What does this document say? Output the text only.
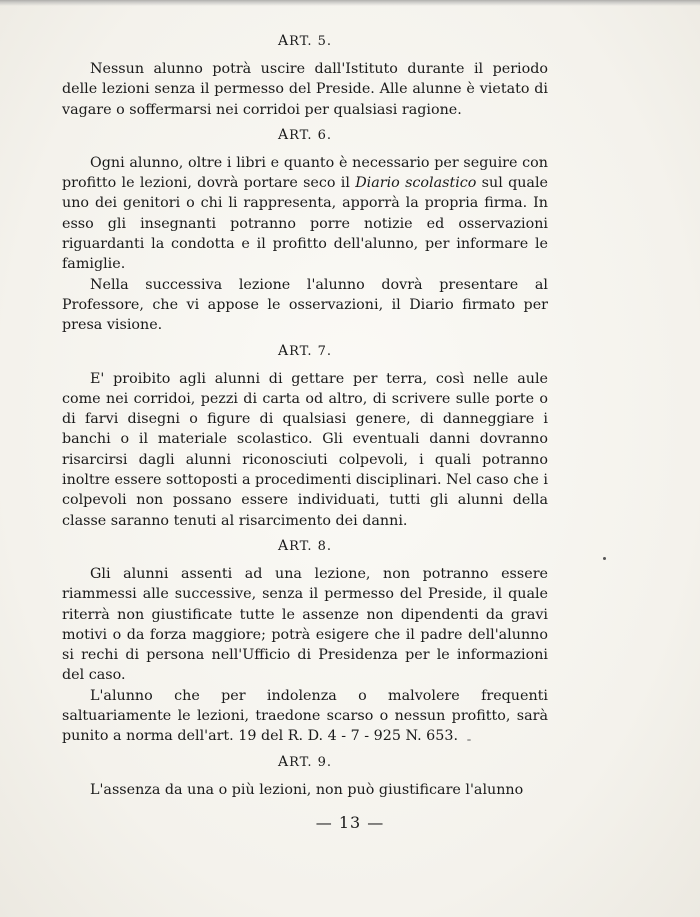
ART. 5.

Nessun alunno potrà uscire dall'Istituto durante il periodo delle lezioni senza il permesso del Preside. Alle alunne è vietato di vagare o soffermarsi nei corridoi per qualsiasi ragione.

ART. 6.

Ogni alunno, oltre i libri e quanto è necessario per seguire con profitto le lezioni, dovrà portare seco il Diario scolastico sul quale uno dei genitori o chi li rappresenta, apporrà la propria firma. In esso gli insegnanti potranno porre notizie ed osservazioni riguardanti la condotta e il profitto dell'alunno, per informare le famiglie.

Nella successiva lezione l'alunno dovrà presentare al Professore, che vi appose le osservazioni, il Diario firmato per presa visione.

ART. 7.

E' proibito agli alunni di gettare per terra, così nelle aule come nei corridoi, pezzi di carta od altro, di scrivere sulle porte o di farvi disegni o figure di qualsiasi genere, di danneggiare i banchi o il materiale scolastico. Gli eventuali danni dovranno risarcirsi dagli alunni riconosciuti colpevoli, i quali potranno inoltre essere sottoposti a procedimenti disciplinari. Nel caso che i colpevoli non possano essere individuati, tutti gli alunni della classe saranno tenuti al risarcimento dei danni.

ART. 8.

Gli alunni assenti ad una lezione, non potranno essere riammessi alle successive, senza il permesso del Preside, il quale riterrà non giustificate tutte le assenze non dipendenti da gravi motivi o da forza maggiore; potrà esigere che il padre dell'alunno si rechi di persona nell'Ufficio di Presidenza per le informazioni del caso.

L'alunno che per indolenza o malvolere frequenti saltuariamente le lezioni, traedone scarso o nessun profitto, sarà punito a norma dell'art. 19 del R. D. 4 - 7 - 925 N. 653.

ART. 9.

L'assenza da una o più lezioni, non può giustificare l'alunno

— 13 —
